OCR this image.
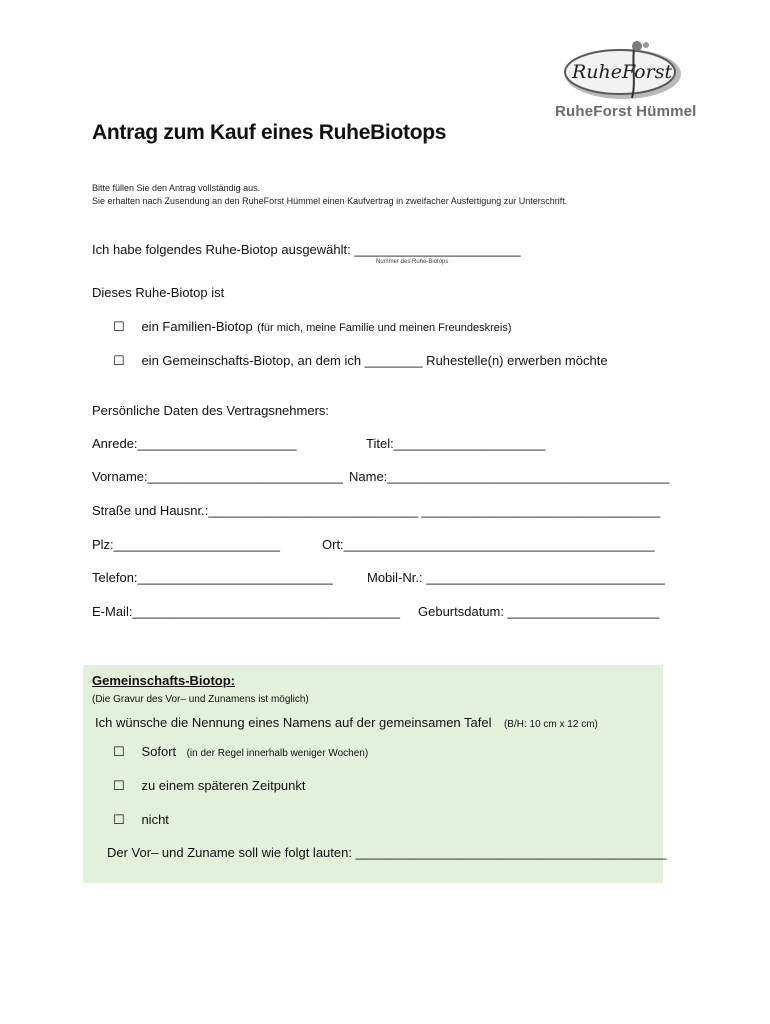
RuheForst
RuheForst Hümmel
Antrag zum Kauf eines RuheBiotops
Bitte füllen Sie den Antrag vollständig aus.
Sie erhalten nach Zusendung an den RuheForst Hümmel einen Kaufvertrag in zweifacher Ausfertigung zur Unterschrift.
Ich habe folgendes Ruhe-Biotop ausgewählt: _______________________
Nummer des Ruhe-Biotops
Dieses Ruhe-Biotop ist
☐ ein Familien-Biotop (für mich, meine Familie und meinen Freundeskreis)
☐ ein Gemeinschafts-Biotop, an dem ich ________ Ruhestelle(n) erwerben möchte
Persönliche Daten des Vertragsnehmers:
Anrede:______________________	Titel:_____________________
Vorname:___________________________ Name:_______________________________________
Straße und Hausnr.:_____________________________ _________________________________
Plz:_______________________	Ort:___________________________________________
Telefon:___________________________	Mobil-Nr.: _________________________________
E-Mail:_____________________________________ Geburtsdatum: _____________________
Gemeinschafts-Biotop:
(Die Gravur des Vor– und Zunamens ist möglich)
Ich wünsche die Nennung eines Namens auf der gemeinsamen Tafel (B/H: 10 cm x 12 cm)
☐ Sofort (in der Regel innerhalb weniger Wochen)
☐ zu einem späteren Zeitpunkt
☐ nicht
Der Vor– und Zuname soll wie folgt lauten: ___________________________________________
